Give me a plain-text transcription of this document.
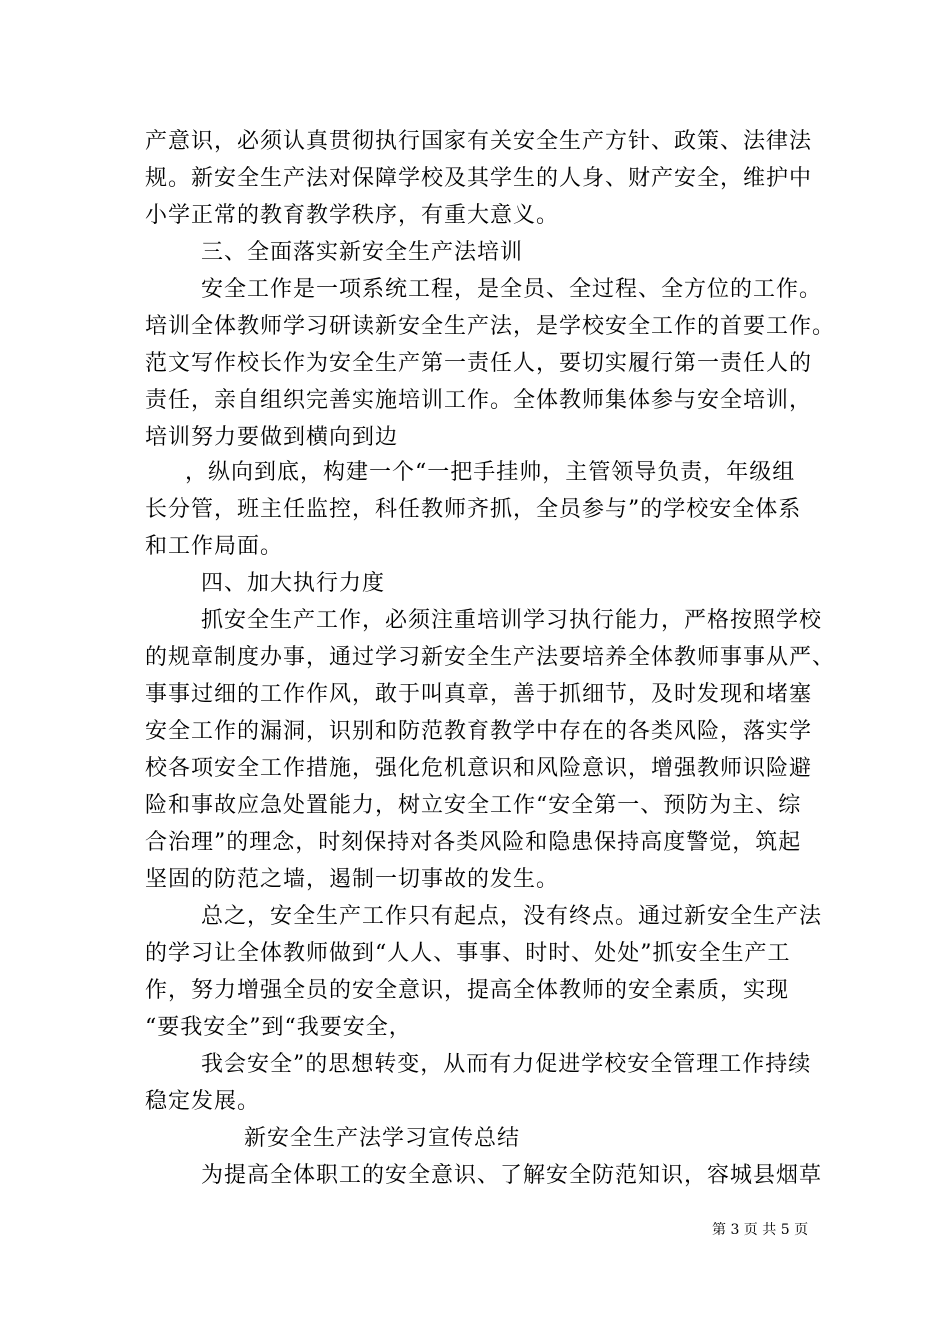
产意识，必须认真贯彻执行国家有关安全生产方针、政策、法律法
规。新安全生产法对保障学校及其学生的人身、财产安全，维护中
小学正常的教育教学秩序，有重大意义。
三、全面落实新安全生产法培训
安全工作是一项系统工程，是全员、全过程、全方位的工作。
培训全体教师学习研读新安全生产法，是学校安全工作的首要工作。
范文写作校长作为安全生产第一责任人，要切实履行第一责任人的
责任，亲自组织完善实施培训工作。全体教师集体参与安全培训，
培训努力要做到横向到边
，纵向到底，构建一个“一把手挂帅，主管领导负责，年级组
长分管，班主任监控，科任教师齐抓，全员参与”的学校安全体系
和工作局面。
四、加大执行力度
抓安全生产工作，必须注重培训学习执行能力，严格按照学校
的规章制度办事，通过学习新安全生产法要培养全体教师事事从严、
事事过细的工作作风，敢于叫真章，善于抓细节，及时发现和堵塞
安全工作的漏洞，识别和防范教育教学中存在的各类风险，落实学
校各项安全工作措施，强化危机意识和风险意识，增强教师识险避
险和事故应急处置能力，树立安全工作“安全第一、预防为主、综
合治理”的理念，时刻保持对各类风险和隐患保持高度警觉，筑起
坚固的防范之墙，遏制一切事故的发生。
总之，安全生产工作只有起点，没有终点。通过新安全生产法
的学习让全体教师做到“人人、事事、时时、处处”抓安全生产工
作，努力增强全员的安全意识，提高全体教师的安全素质，实现
“要我安全”到“我要安全，
我会安全”的思想转变，从而有力促进学校安全管理工作持续
稳定发展。
新安全生产法学习宣传总结
为提高全体职工的安全意识、了解安全防范知识，容城县烟草
第 3 页 共 5 页
